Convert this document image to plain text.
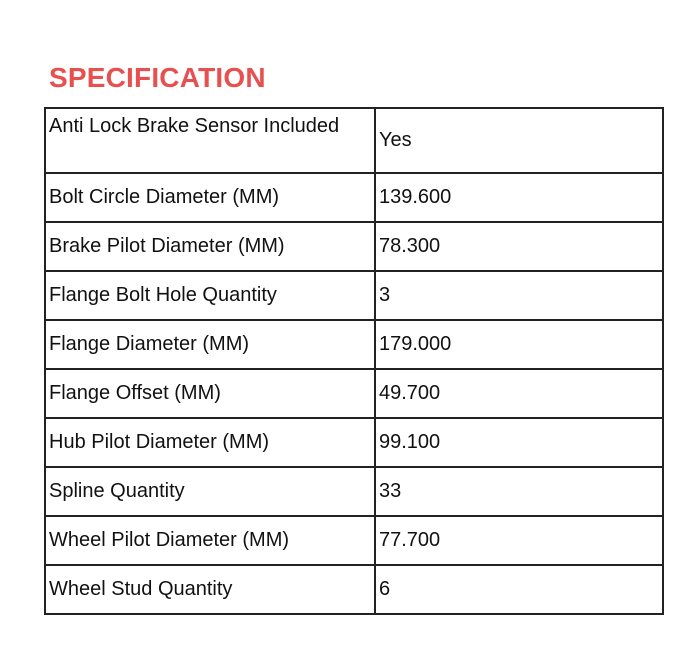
SPECIFICATION
Anti Lock Brake Sensor Included	Yes
Bolt Circle Diameter (MM)	139.600
Brake Pilot Diameter (MM)	78.300
Flange Bolt Hole Quantity	3
Flange Diameter (MM)	179.000
Flange Offset (MM)	49.700
Hub Pilot Diameter (MM)	99.100
Spline Quantity	33
Wheel Pilot Diameter (MM)	77.700
Wheel Stud Quantity	6
